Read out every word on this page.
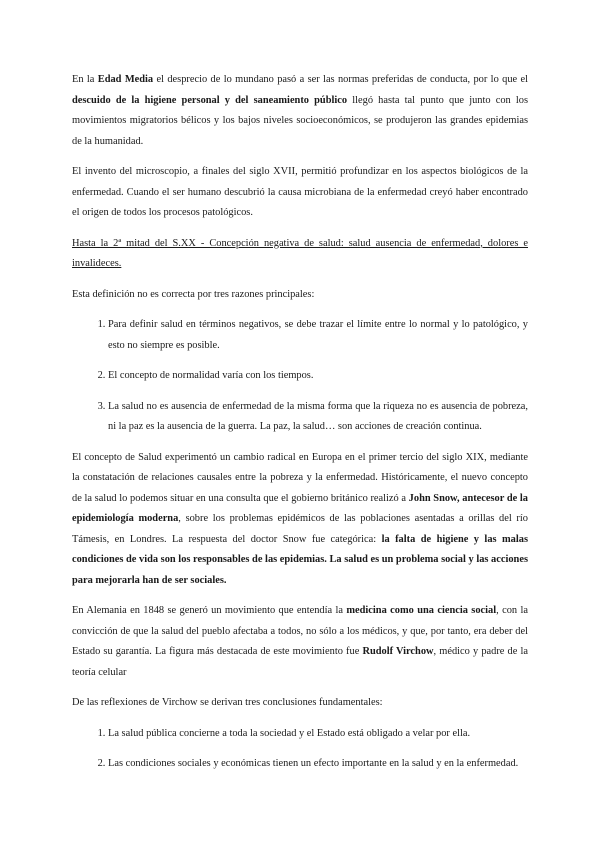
En la Edad Media el desprecio de lo mundano pasó a ser las normas preferidas de conducta, por lo que el descuido de la higiene personal y del saneamiento público llegó hasta tal punto que junto con los movimientos migratorios bélicos y los bajos niveles socioeconómicos, se produjeron las grandes epidemias de la humanidad.

El invento del microscopio, a finales del siglo XVII, permitió profundizar en los aspectos biológicos de la enfermedad. Cuando el ser humano descubrió la causa microbiana de la enfermedad creyó haber encontrado el origen de todos los procesos patológicos.

Hasta la 2ª mitad del S.XX - Concepción negativa de salud: salud ausencia de enfermedad, dolores e invalideces.

Esta definición no es correcta por tres razones principales:

1. Para definir salud en términos negativos, se debe trazar el límite entre lo normal y lo patológico, y esto no siempre es posible.
2. El concepto de normalidad varía con los tiempos.
3. La salud no es ausencia de enfermedad de la misma forma que la riqueza no es ausencia de pobreza, ni la paz es la ausencia de la guerra. La paz, la salud… son acciones de creación continua.

El concepto de Salud experimentó un cambio radical en Europa en el primer tercio del siglo XIX, mediante la constatación de relaciones causales entre la pobreza y la enfermedad. Históricamente, el nuevo concepto de la salud lo podemos situar en una consulta que el gobierno británico realizó a John Snow, antecesor de la epidemiología moderna, sobre los problemas epidémicos de las poblaciones asentadas a orillas del río Támesis, en Londres. La respuesta del doctor Snow fue categórica: la falta de higiene y las malas condiciones de vida son los responsables de las epidemias. La salud es un problema social y las acciones para mejorarla han de ser sociales.

En Alemania en 1848 se generó un movimiento que entendía la medicina como una ciencia social, con la convicción de que la salud del pueblo afectaba a todos, no sólo a los médicos, y que, por tanto, era deber del Estado su garantía. La figura más destacada de este movimiento fue Rudolf Virchow, médico y padre de la teoría celular

De las reflexiones de Virchow se derivan tres conclusiones fundamentales:

1. La salud pública concierne a toda la sociedad y el Estado está obligado a velar por ella.
2. Las condiciones sociales y económicas tienen un efecto importante en la salud y en la enfermedad.
